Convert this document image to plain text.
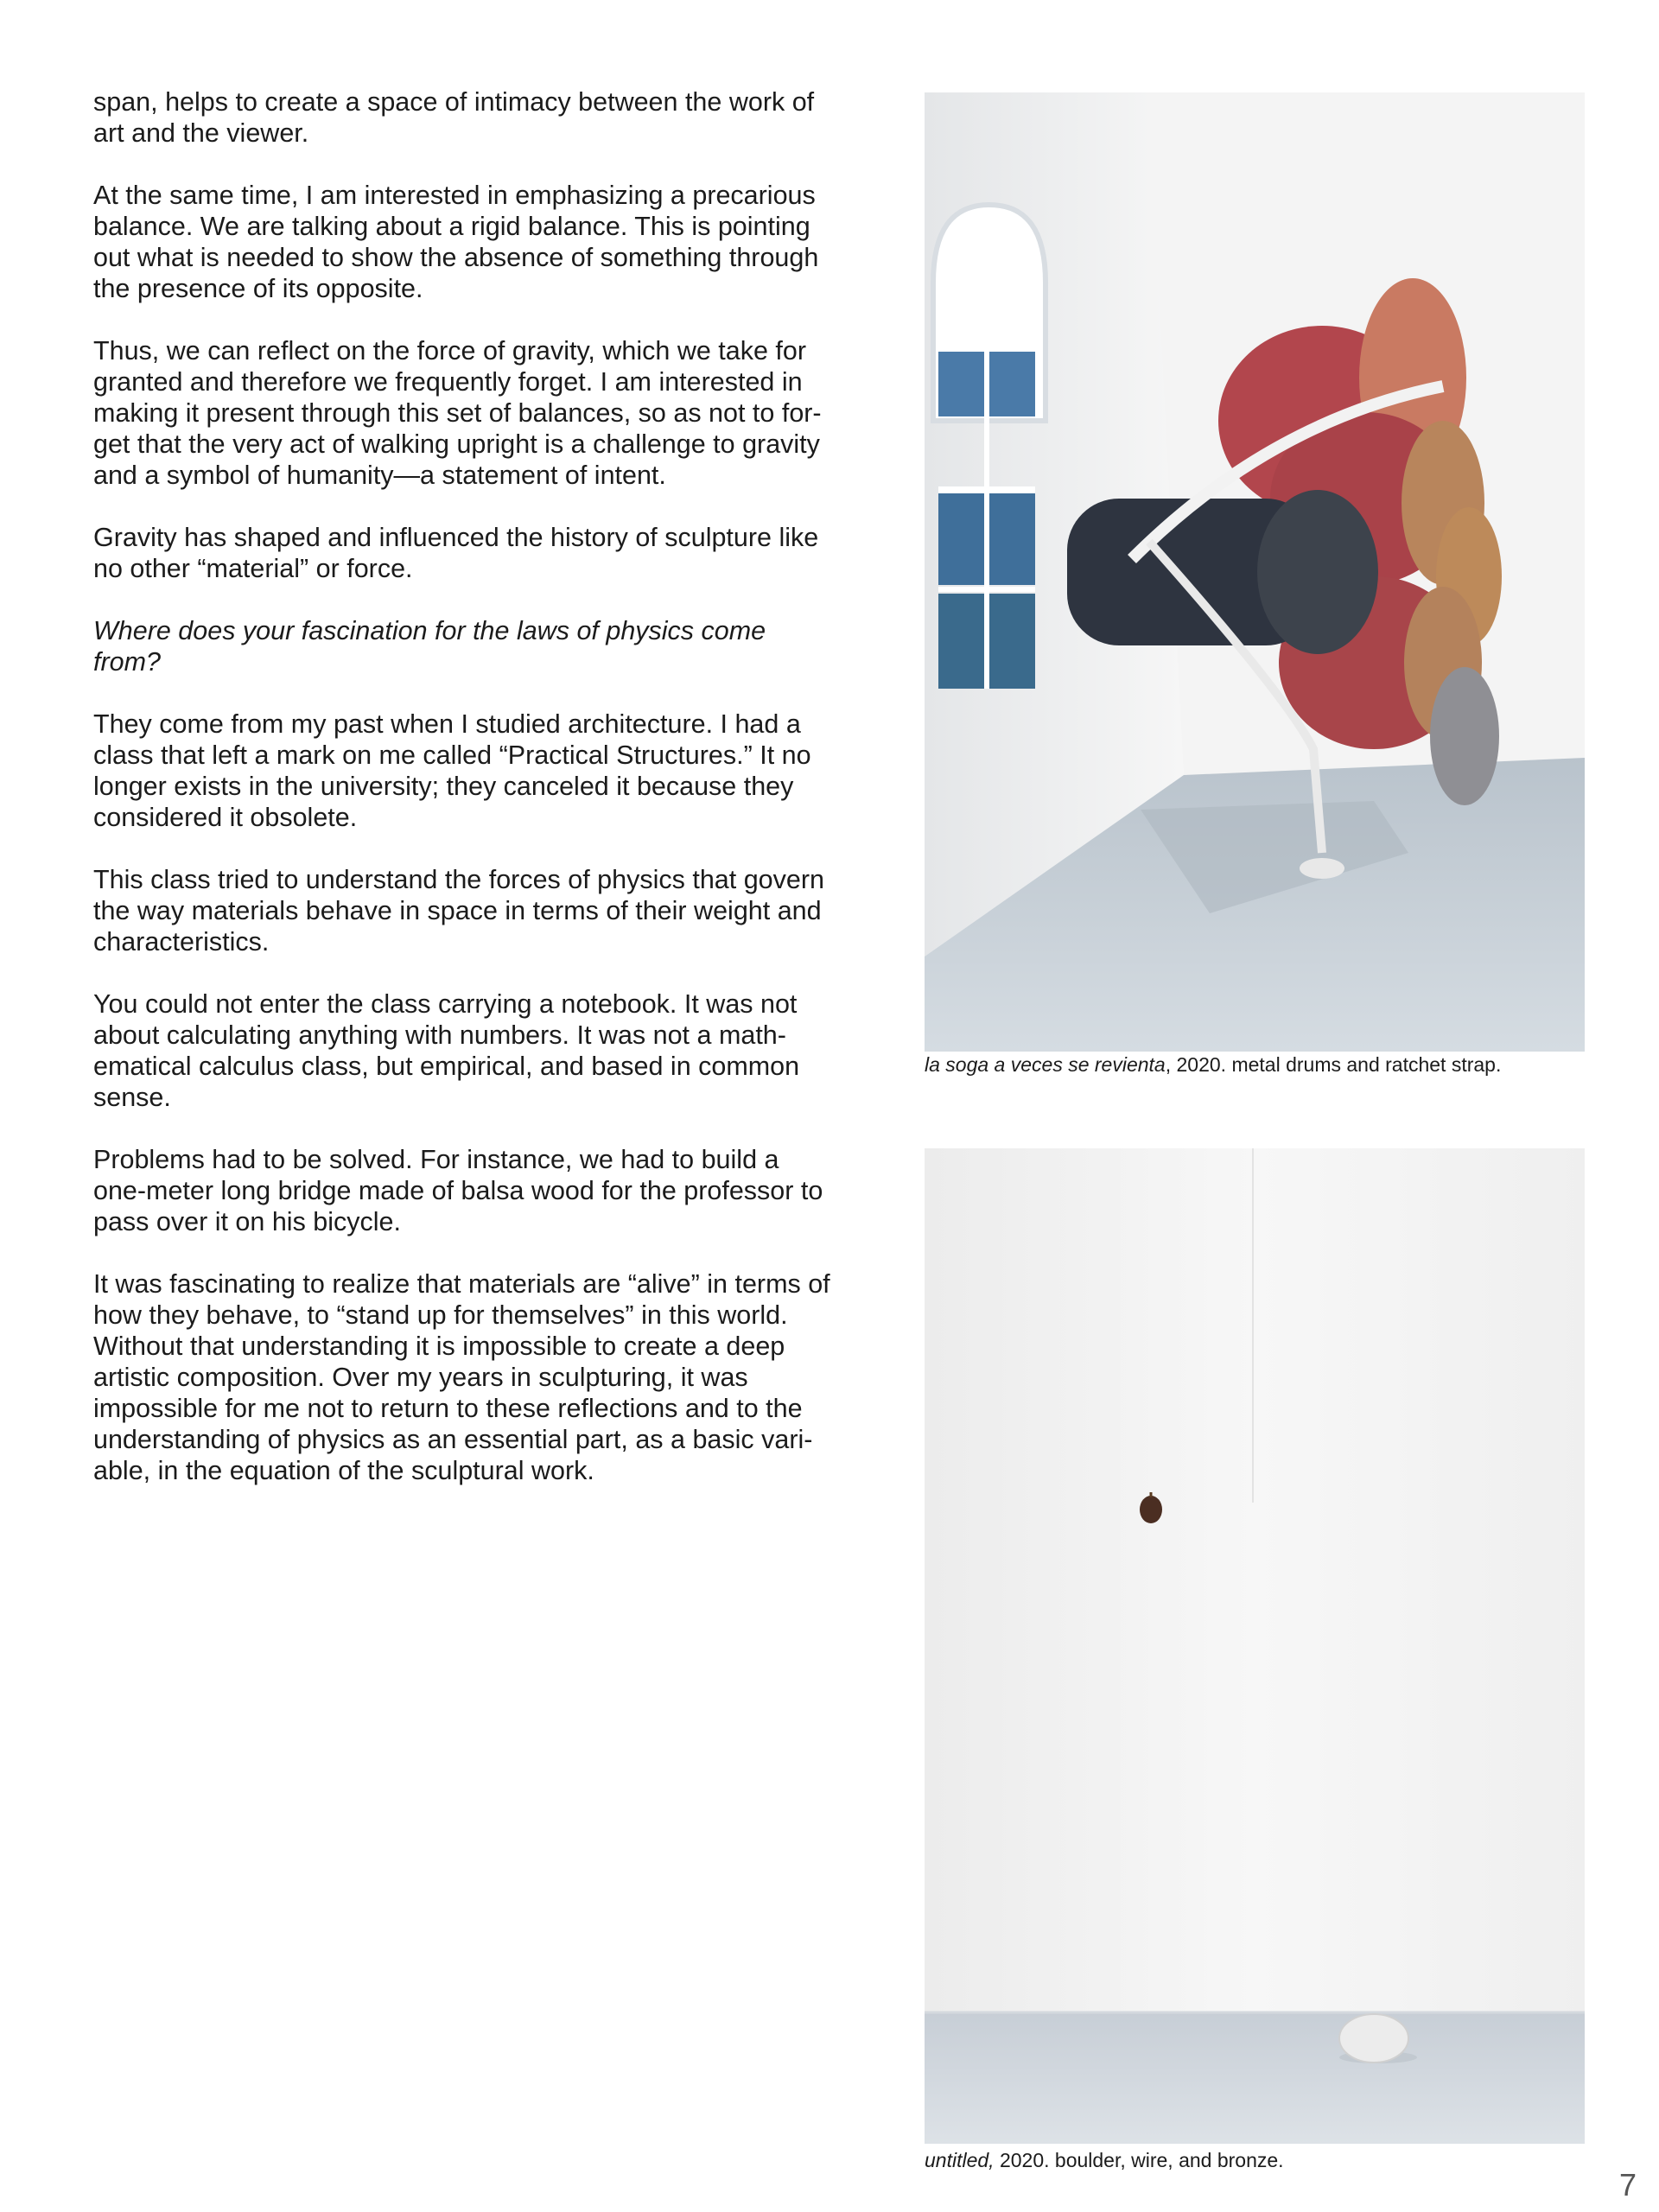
span, helps to create a space of intimacy between the work of art and the viewer.

At the same time, I am interested in emphasizing a precarious balance. We are talking about a rigid balance. This is pointing out what is needed to show the absence of something through the presence of its opposite.

Thus, we can reflect on the force of gravity, which we take for granted and therefore we frequently forget. I am interested in making it present through this set of balances, so as not to for-get that the very act of walking upright is a challenge to gravity and a symbol of humanity—a statement of intent.

Gravity has shaped and influenced the history of sculpture like no other “material” or force.

Where does your fascination for the laws of physics come from?

They come from my past when I studied architecture. I had a class that left a mark on me called “Practical Structures.” It no longer exists in the university; they canceled it because they considered it obsolete.

This class tried to understand the forces of physics that govern the way materials behave in space in terms of their weight and characteristics.

You could not enter the class carrying a notebook. It was not about calculating anything with numbers. It was not a math-ematical calculus class, but empirical, and based in common sense.

Problems had to be solved. For instance, we had to build a one-meter long bridge made of balsa wood for the professor to pass over it on his bicycle.

It was fascinating to realize that materials are “alive” in terms of how they behave, to “stand up for themselves” in this world. Without that understanding it is impossible to create a deep artistic composition. Over my years in sculpturing, it was impossible for me not to return to these reflections and to the understanding of physics as an essential part, as a basic vari-able, in the equation of the sculptural work.

la soga a veces se revienta, 2020. metal drums and ratchet strap.
untitled, 2020. boulder, wire, and bronze.
7
